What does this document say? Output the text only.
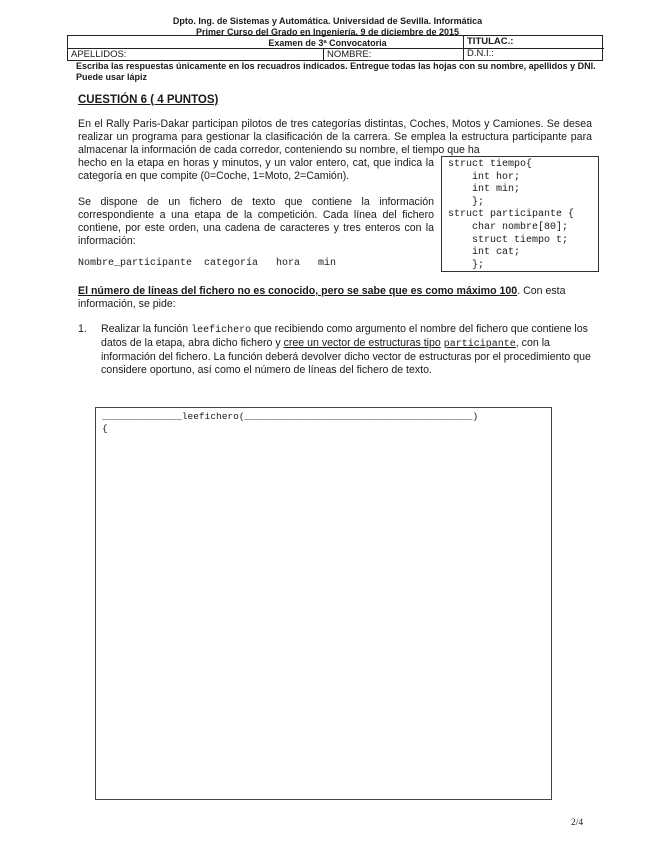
Dpto. Ing. de Sistemas y Automática. Universidad de Sevilla. Informática
Primer Curso del Grado en Ingeniería. 9 de diciembre de 2015
Examen de 3ª Convocatoria	TITULAC.:
APELLIDOS:	NOMBRE:	D.N.I.:
Escriba las respuestas únicamente en los recuadros indicados. Entregue todas las hojas con su nombre, apellidos y DNI. Puede usar lápiz
CUESTIÓN 6 ( 4 PUNTOS)
En el Rally Paris-Dakar participan pilotos de tres categorías distintas, Coches, Motos y Camiones. Se desea realizar un programa para gestionar la clasificación de la carrera. Se emplea la estructura participante para almacenar la información de cada corredor, conteniendo su nombre, el tiempo que ha
hecho en la etapa en horas y minutos, y un valor entero, cat, que indica la categoría en que compite (0=Coche, 1=Moto, 2=Camión).
Se dispone de un fichero de texto que contiene la información correspondiente a una etapa de la competición. Cada línea del fichero contiene, por este orden, una cadena de caracteres y tres enteros con la información:
Nombre_participante  categoría   hora   min
struct tiempo{
int hor;
int min;
};
struct participante {
char nombre[80];
struct tiempo t;
int cat;
};
El número de líneas del fichero no es conocido, pero se sabe que es como máximo 100. Con esta información, se pide:
1. Realizar la función leefichero que recibiendo como argumento el nombre del fichero que contiene los datos de la etapa, abra dicho fichero y cree un vector de estructuras tipo participante, con la información del fichero. La función deberá devolver dicho vector de estructuras por el procedimiento que considere oportuno, así como el número de líneas del fichero de texto.
______________leefichero(________________________________________)
{
2/4
